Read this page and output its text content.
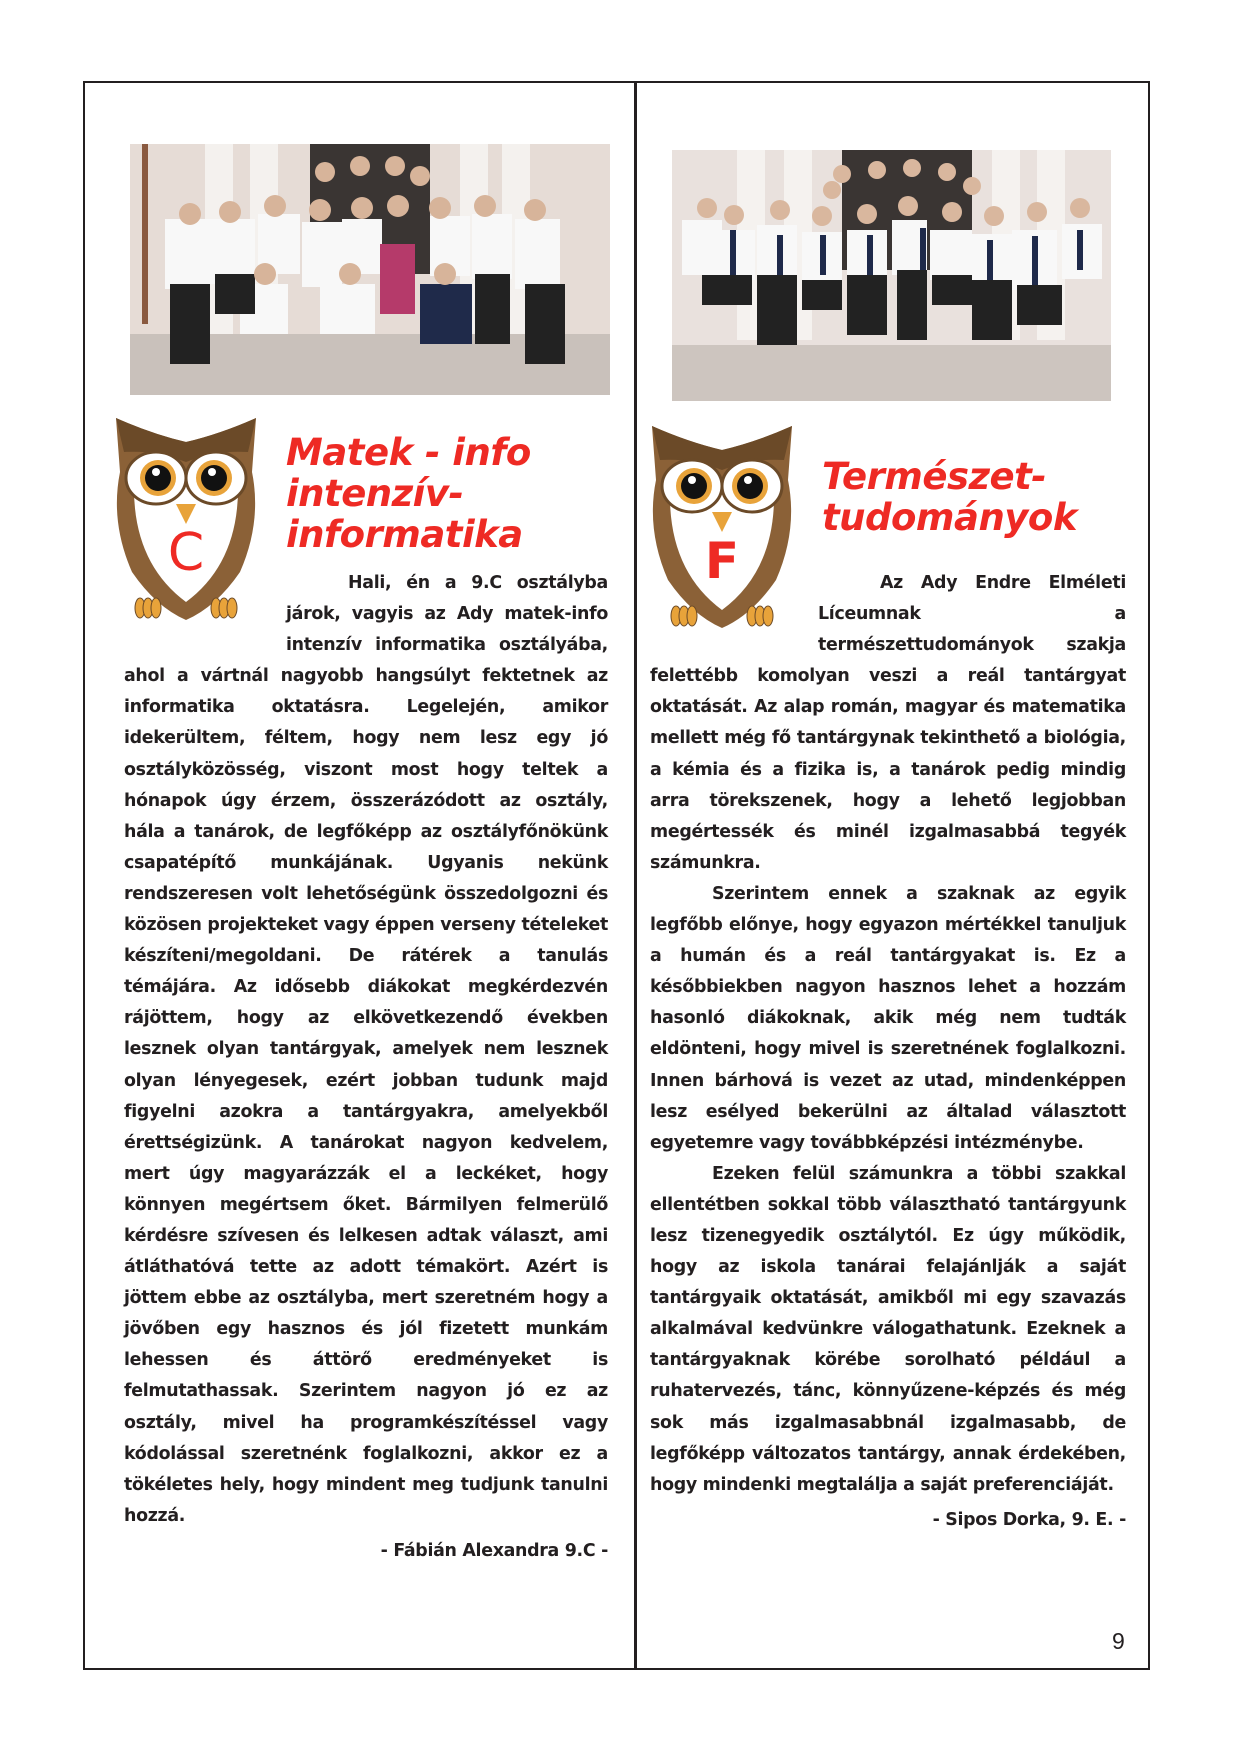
C
Matek - info
intenzív-
informatika

Hali, én a 9.C osztályba járok, vagyis az Ady matek-info intenzív informatika osztályába, ahol a vártnál nagyobb hangsúlyt fektetnek az informatika oktatásra. Legelején, amikor idekerültem, féltem, hogy nem lesz egy jó osztályközösség, viszont most hogy teltek a hónapok úgy érzem, összerázódott az osztály, hála a tanárok, de legfőképp az osztályfőnökünk csapatépítő munkájának. Ugyanis nekünk rendszeresen volt lehetőségünk összedolgozni és közösen projekteket vagy éppen verseny tételeket készíteni/megoldani. De rátérek a tanulás témájára. Az idősebb diákokat megkérdezvén rájöttem, hogy az elkövetkezendő években lesznek olyan tantárgyak, amelyek nem lesznek olyan lényegesek, ezért jobban tudunk majd figyelni azokra a tantárgyakra, amelyekből érettségizünk. A tanárokat nagyon kedvelem, mert úgy magyarázzák el a leckéket, hogy könnyen megértsem őket. Bármilyen felmerülő kérdésre szívesen és lelkesen adtak választ, ami átláthatóvá tette az adott témakört. Azért is jöttem ebbe az osztályba, mert szeretném hogy a jövőben egy hasznos és jól fizetett munkám lehessen és áttörő eredményeket is felmutathassak. Szerintem nagyon jó ez az osztály, mivel ha programkészítéssel vagy kódolással szeretnénk foglalkozni, akkor ez a tökéletes hely, hogy mindent meg tudjunk tanulni hozzá.

- Fábián Alexandra 9.C -

F
Természet-
tudományok

Az Ady Endre Elméleti Líceumnak a természettudományok szakja felettébb komolyan veszi a reál tantárgyat oktatását. Az alap román, magyar és matematika mellett még fő tantárgynak tekinthető a biológia, a kémia és a fizika is, a tanárok pedig mindig arra törekszenek, hogy a lehető legjobban megértessék és minél izgalmasabbá tegyék számunkra.

Szerintem ennek a szaknak az egyik legfőbb előnye, hogy egyazon mértékkel tanuljuk a humán és a reál tantárgyakat is. Ez a későbbiekben nagyon hasznos lehet a hozzám hasonló diákoknak, akik még nem tudták eldönteni, hogy mivel is szeretnének foglalkozni. Innen bárhová is vezet az utad, mindenképpen lesz esélyed bekerülni az általad választott egyetemre vagy továbbképzési intézménybe.

Ezeken felül számunkra a többi szakkal ellentétben sokkal több választható tantárgyunk lesz tizenegyedik osztálytól. Ez úgy működik, hogy az iskola tanárai felajánlják a saját tantárgyaik oktatását, amikből mi egy szavazás alkalmával kedvünkre válogathatunk. Ezeknek a tantárgyaknak körébe sorolható például a ruhatervezés, tánc, könnyűzene-képzés és még sok más izgalmasabbnál izgalmasabb, de legfőképp változatos tantárgy, annak érdekében, hogy mindenki megtalálja a saját preferenciáját.

- Sipos Dorka, 9. E. -

9
